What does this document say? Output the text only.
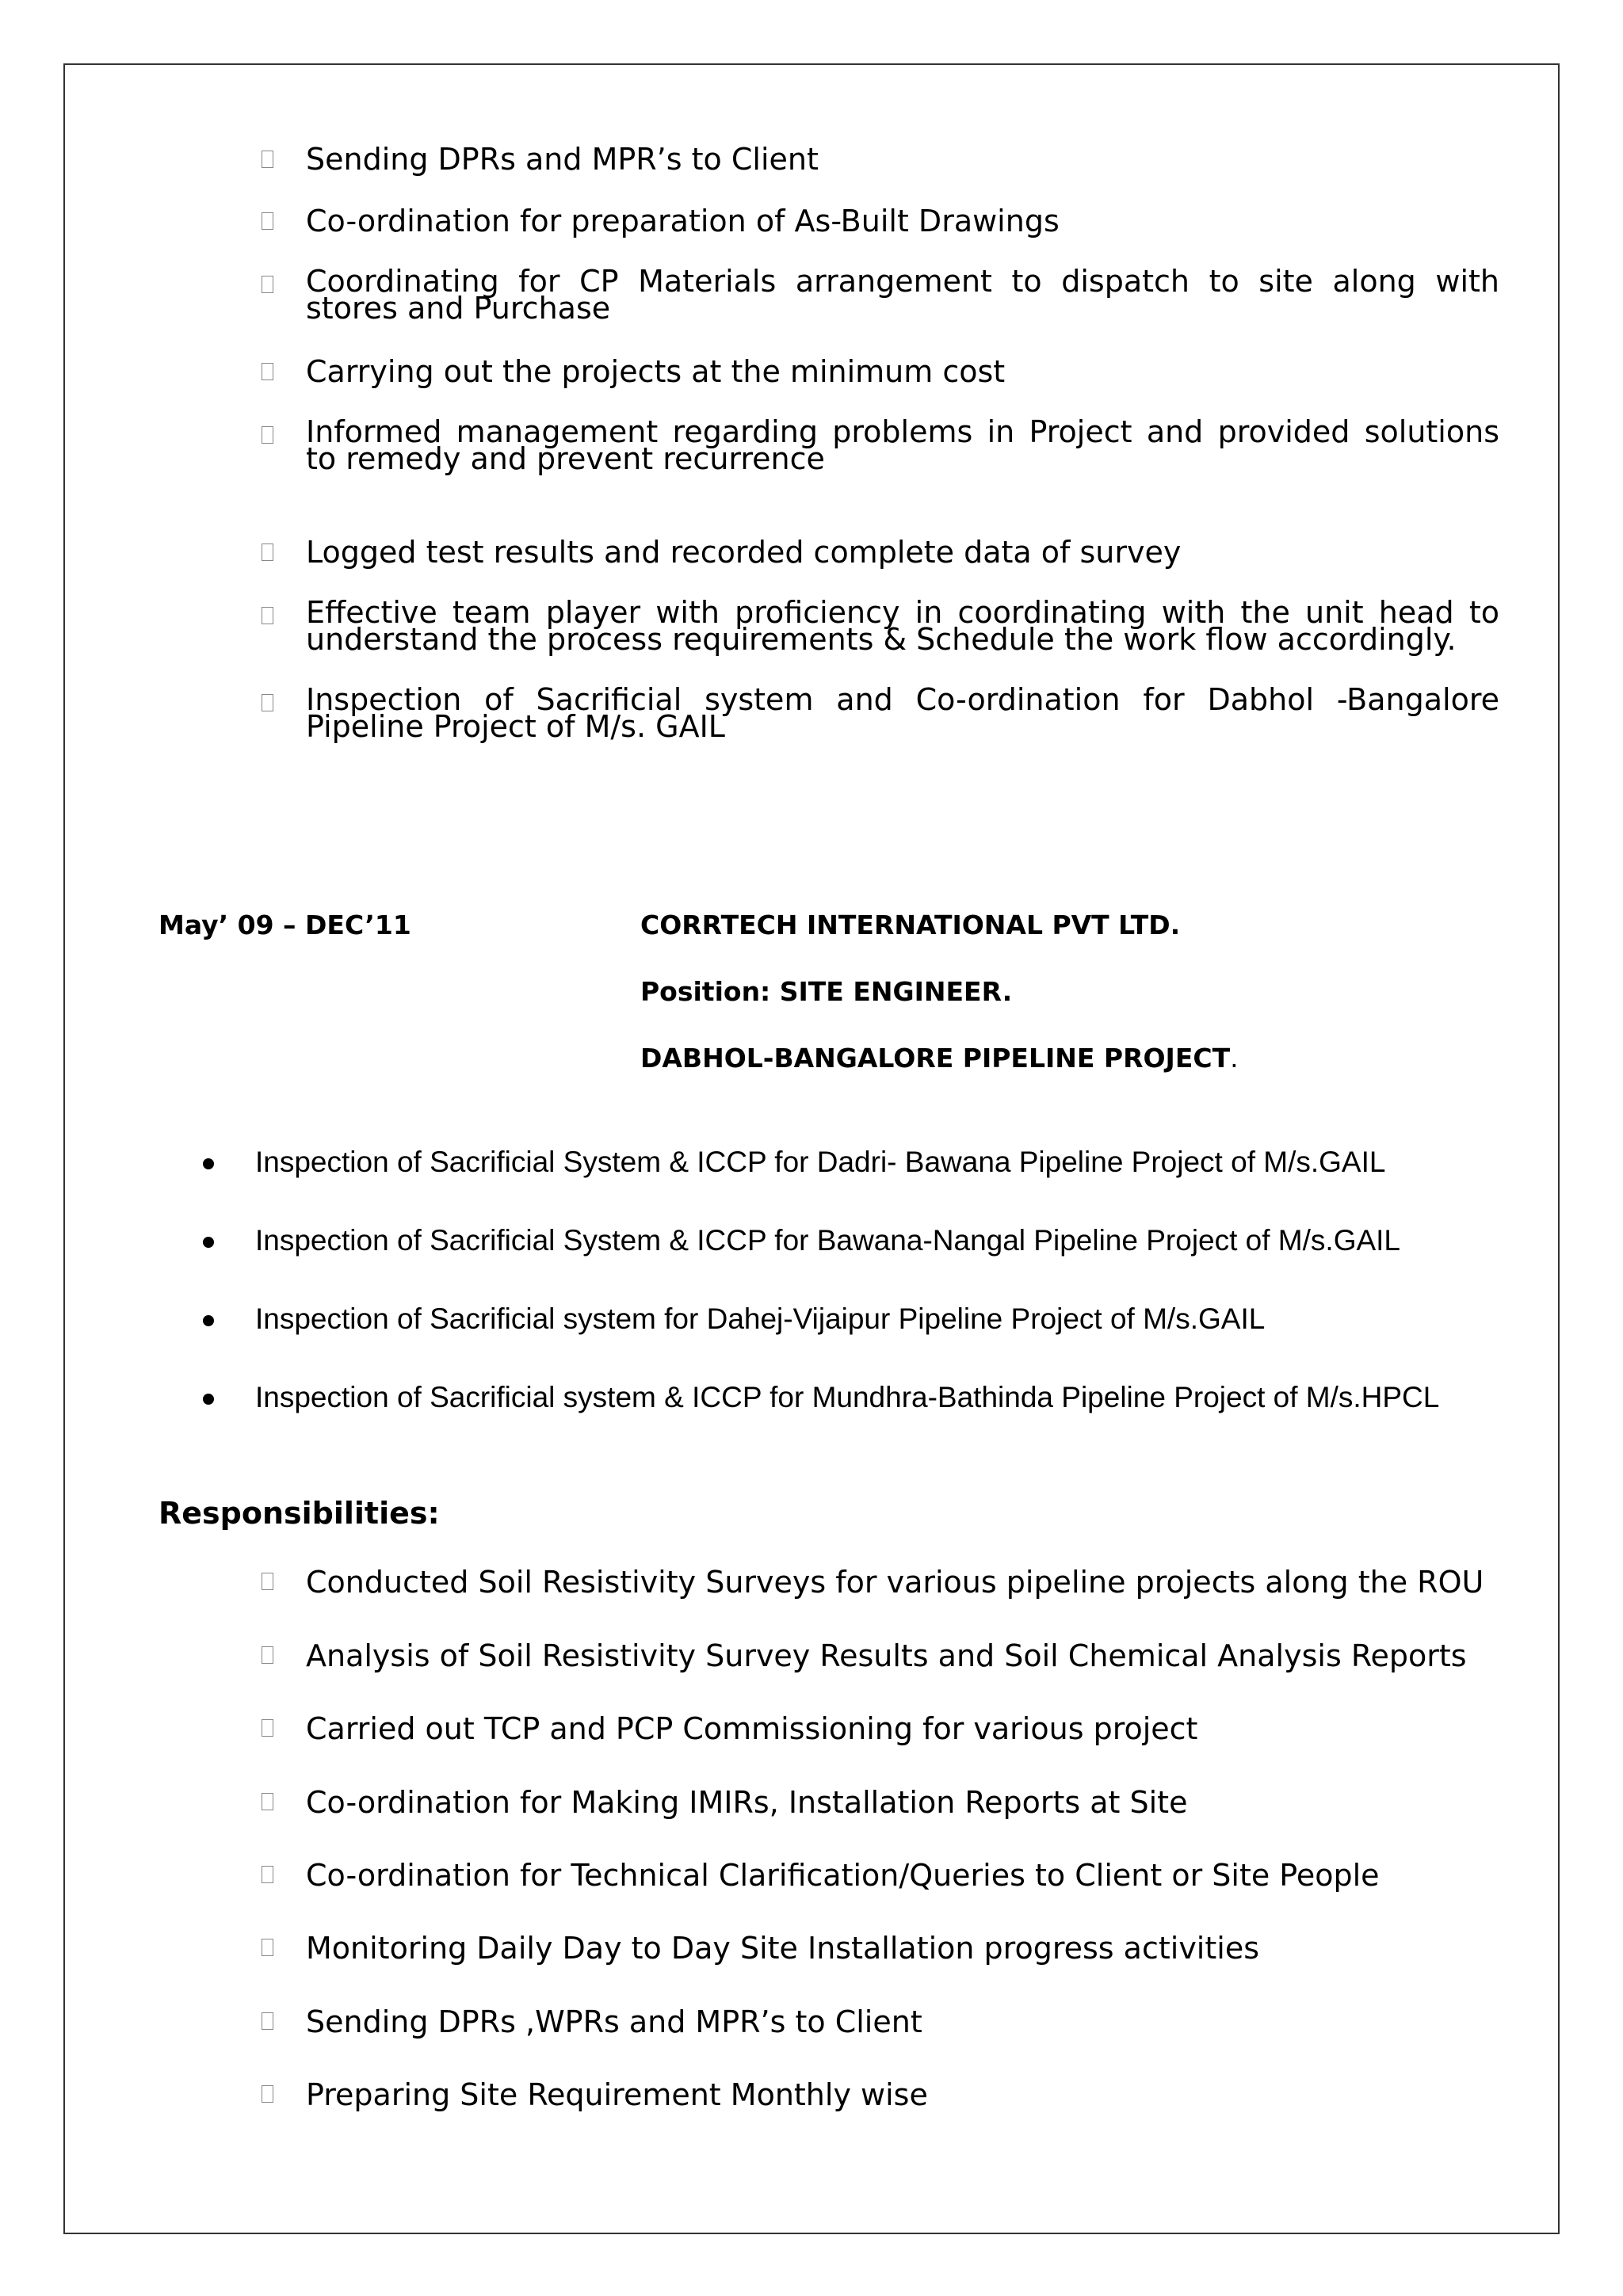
Sending DPRs and MPR’s to Client
Co-ordination for preparation of As-Built Drawings
Coordinating for CP Materials arrangement to dispatch to site along with stores and Purchase
Carrying out the projects at the minimum cost
Informed management regarding problems in Project and provided solutions to remedy and prevent recurrence
Logged test results and recorded complete data of survey
Effective team player with proficiency in coordinating with the unit head to understand the process requirements & Schedule the work flow accordingly.
Inspection of Sacrificial system and Co-ordination for Dabhol -Bangalore Pipeline Project of M/s. GAIL
May’ 09 – DEC’11	CORRTECH INTERNATIONAL PVT LTD.
Position: SITE ENGINEER.
DABHOL-BANGALORE PIPELINE PROJECT.
Inspection of Sacrificial System & ICCP for Dadri- Bawana Pipeline Project of M/s.GAIL
Inspection of Sacrificial System & ICCP for Bawana-Nangal Pipeline Project of M/s.GAIL
Inspection of Sacrificial system for Dahej-Vijaipur Pipeline Project of M/s.GAIL
Inspection of Sacrificial system & ICCP for Mundhra-Bathinda Pipeline Project of M/s.HPCL
Responsibilities:
Conducted Soil Resistivity Surveys for various pipeline projects along the ROU
Analysis of Soil Resistivity Survey Results and Soil Chemical Analysis Reports
Carried out TCP and PCP Commissioning for various project
Co-ordination for Making IMIRs, Installation Reports at Site
Co-ordination for Technical Clarification/Queries to Client or Site People
Monitoring Daily Day to Day Site Installation progress activities
Sending DPRs ,WPRs and MPR’s to Client
Preparing Site Requirement Monthly wise
